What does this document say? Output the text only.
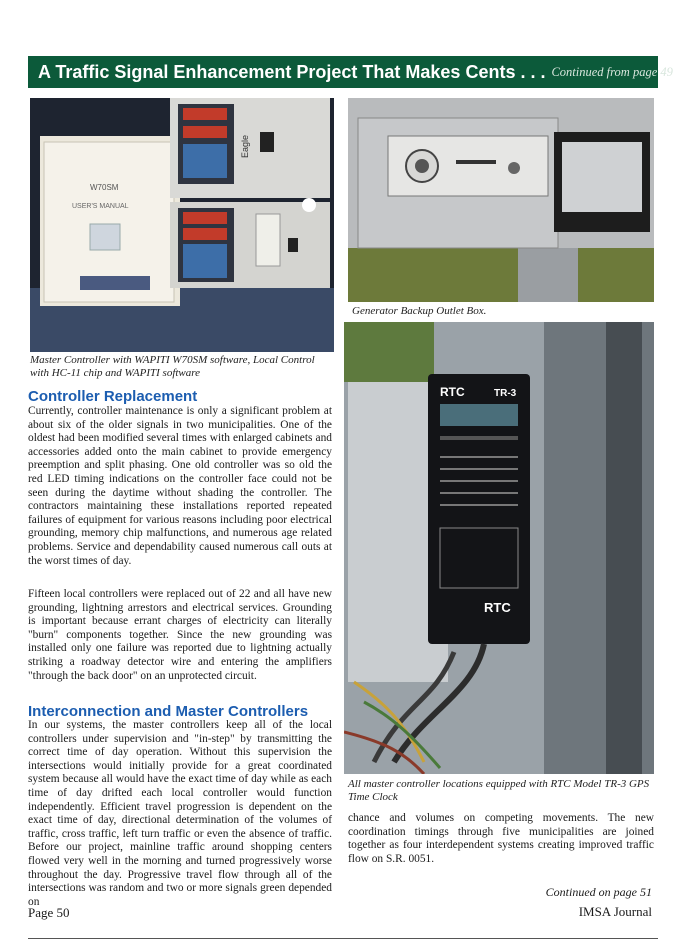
A Traffic Signal Enhancement Project That Makes Cents . . . Continued from page 49
W70SM
USER'S MANUAL
Eagle
Master Controller with WAPITI W70SM software, Local Control with HC-11 chip and WAPITI software
Generator Backup Outlet Box.
RTC	TR-3
RTC
All master controller locations equipped with RTC Model TR-3 GPS Time Clock
Controller Replacement
Currently, controller maintenance is only a significant problem at about six of the older signals in two municipalities. One of the oldest had been modified several times with enlarged cabinets and accessories added onto the main cabinet to provide emergency preemption and split phasing. One old controller was so old the red LED timing indications on the controller face could not be seen during the daytime without shading the controller. The contractors maintaining these installations reported repeated failures of equipment for various reasons including poor electrical grounding, memory chip malfunctions, and numerous age related problems. Service and dependability caused numerous call outs at the worst times of day.
Fifteen local controllers were replaced out of 22 and all have new grounding, lightning arrestors and electrical services. Grounding is important because errant charges of electricity can literally "burn" components together. Since the new grounding was installed only one failure was reported due to lightning actually striking a roadway detector wire and entering the amplifiers "through the back door" on an unprotected circuit.
Interconnection and Master Controllers
In our systems, the master controllers keep all of the local controllers under supervision and "in-step" by transmitting the correct time of day operation. Without this supervision the intersections would initially provide for a great coordinated system because all would have the exact time of day while as each time of day drifted each local controller would function independently. Efficient travel progression is dependent on the exact time of day, directional determination of the volumes of traffic, cross traffic, left turn traffic or even the absence of traffic. Before our project, mainline traffic around shopping centers flowed very well in the morning and turned progressively worse throughout the day. Progressive travel flow through all of the intersections was random and two or more signals green depended on
chance and volumes on competing movements. The new coordination timings through five municipalities are joined together as four interdependent systems creating improved traffic flow on S.R. 0051.
Page 50
Continued on page 51
IMSA Journal
